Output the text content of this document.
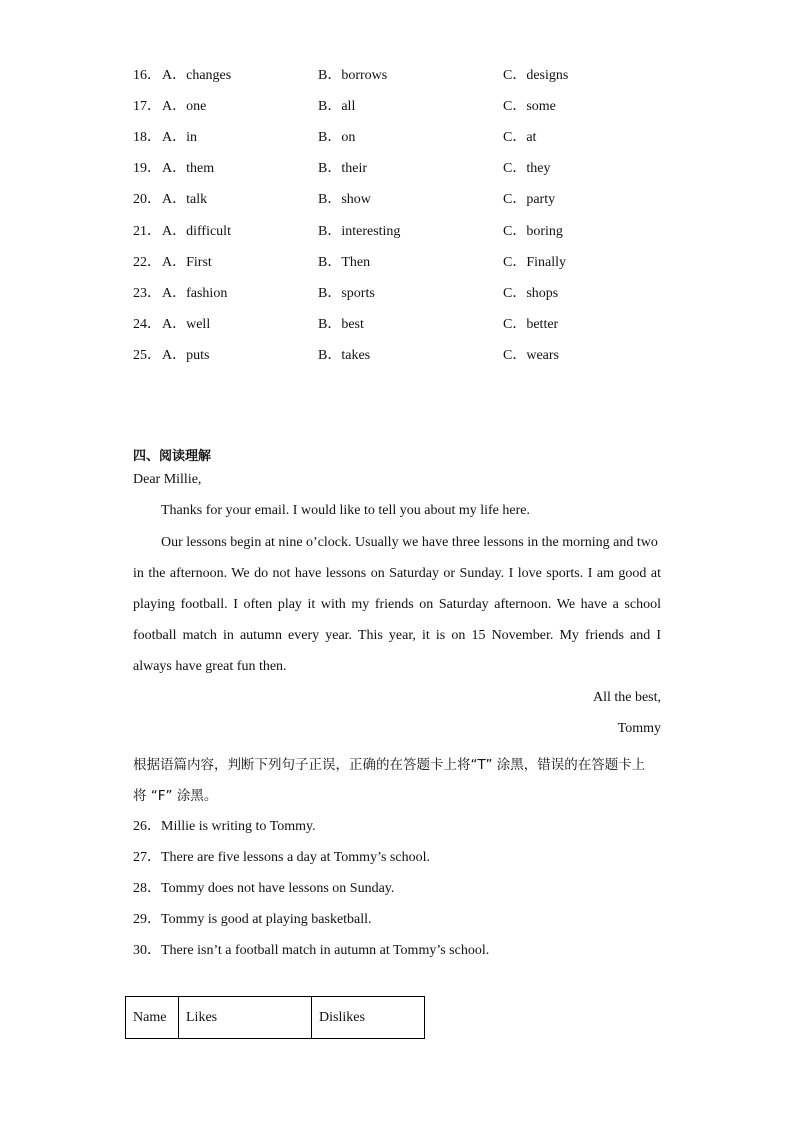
16． A．changes	B．borrows	C．designs
17． A．one	B．all	C．some
18． A．in	B．on	C．at
19． A．them	B．their	C．they
20． A．talk	B．show	C．party
21． A．difficult	B．interesting	C．boring
22． A．First	B．Then	C．Finally
23． A．fashion	B．sports	C．shops
24． A．well	B．best	C．better
25． A．puts	B．takes	C．wears
四、阅读理解
Dear Millie,
Thanks for your email. I would like to tell you about my life here.
Our lessons begin at nine o’clock. Usually we have three lessons in the morning and two
in the afternoon. We do not have lessons on Saturday or Sunday. I love sports. I am good at
playing football. I often play it with my friends on Saturday afternoon. We have a school
football match in autumn every year. This year, it is on 15 November. My friends and I
always have great fun then.
All the best,
Tommy
根据语篇内容，判断下列句子正误，正确的在答题卡上将“T” 涂黑，错误的在答题卡上
将 “F” 涂黑。
26．Millie is writing to Tommy.
27．There are five lessons a day at Tommy’s school.
28．Tommy does not have lessons on Sunday.
29．Tommy is good at playing basketball.
30．There isn’t a football match in autumn at Tommy’s school.
Name	Likes	Dislikes
